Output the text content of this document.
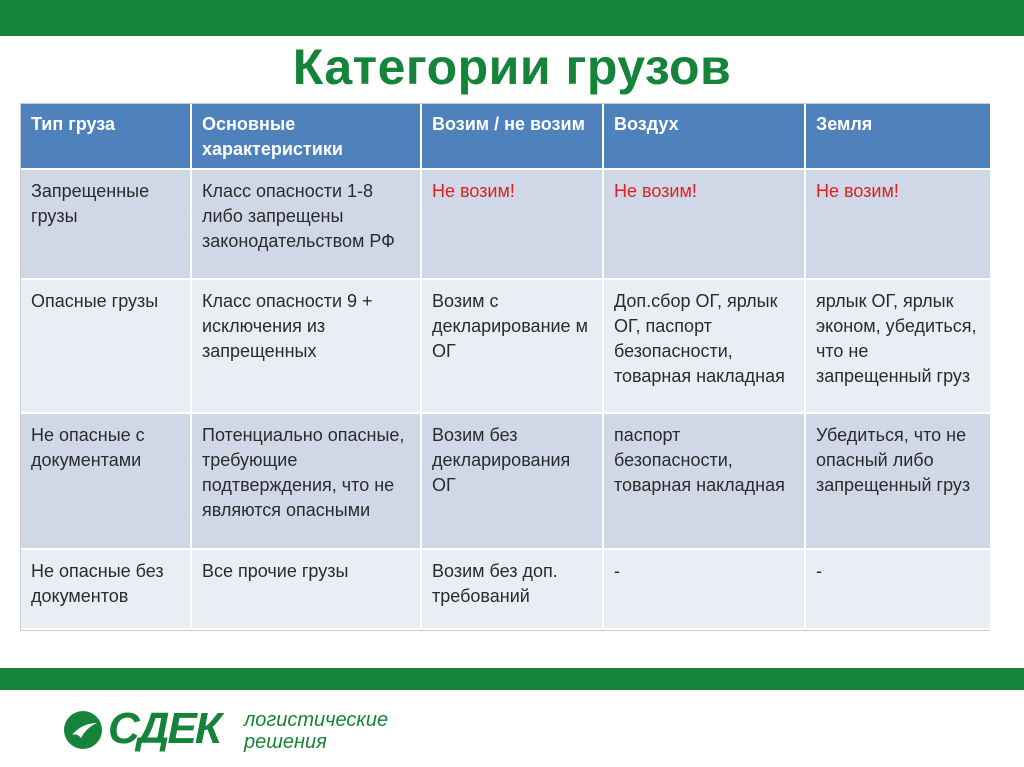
Категории грузов
Тип груза	Основные характеристики	Возим / не возим	Воздух	Земля
Запрещенные грузы	Класс опасности 1-8 либо запрещены законодательством РФ	Не возим!	Не возим!	Не возим!
Опасные грузы	Класс опасности 9 + исключения из запрещенных	Возим с декларирование м ОГ	Доп.сбор ОГ, ярлык ОГ, паспорт безопасности, товарная накладная	ярлык ОГ, ярлык эконом, убедиться, что не запрещенный груз
Не опасные с документами	Потенциально опасные, требующие подтверждения, что не являются опасными	Возим без декларирования ОГ	паспорт безопасности, товарная накладная	Убедиться, что не опасный либо запрещенный груз
Не опасные без документов	Все прочие грузы	Возим без доп. требований	-	-
СДЕК логистические
решения
